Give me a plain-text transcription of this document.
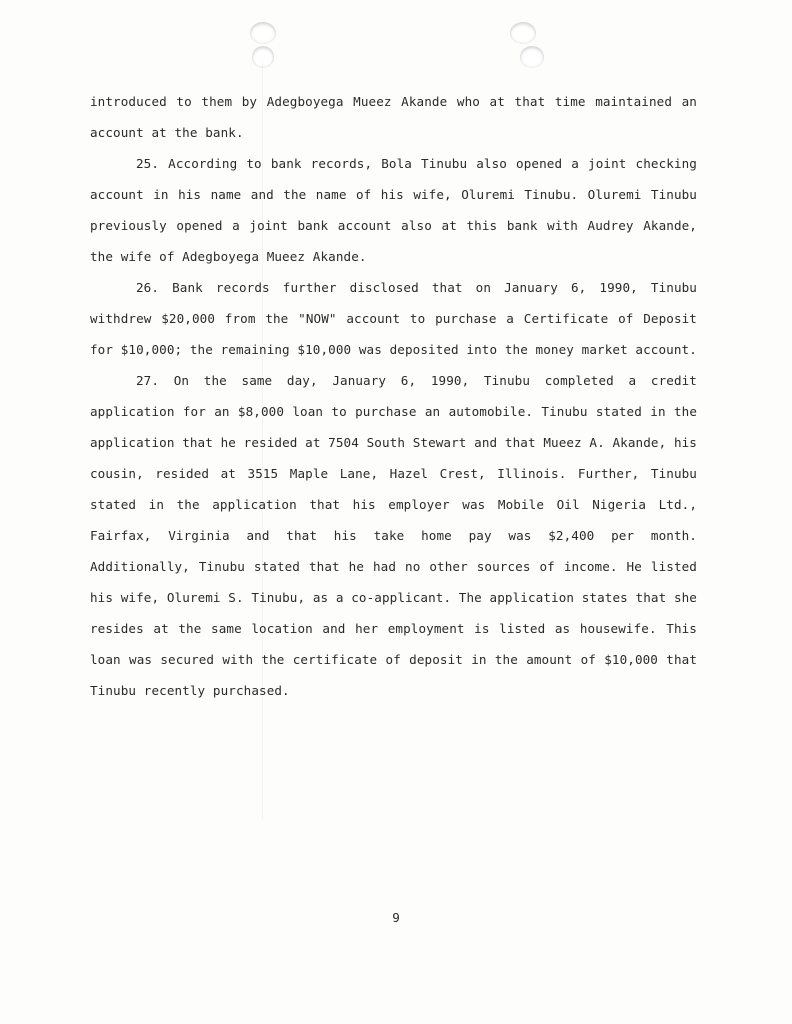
introduced to them by Adegboyega Mueez Akande who at that time maintained an account at the bank.

25. According to bank records, Bola Tinubu also opened a joint checking account in his name and the name of his wife, Oluremi Tinubu. Oluremi Tinubu previously opened a joint bank account also at this bank with Audrey Akande, the wife of Adegboyega Mueez Akande.

26. Bank records further disclosed that on January 6, 1990, Tinubu withdrew $20,000 from the "NOW" account to purchase a Certificate of Deposit for $10,000; the remaining $10,000 was deposited into the money market account.

27. On the same day, January 6, 1990, Tinubu completed a credit application for an $8,000 loan to purchase an automobile. Tinubu stated in the application that he resided at 7504 South Stewart and that Mueez A. Akande, his cousin, resided at 3515 Maple Lane, Hazel Crest, Illinois. Further, Tinubu stated in the application that his employer was Mobile Oil Nigeria Ltd., Fairfax, Virginia and that his take home pay was $2,400 per month. Additionally, Tinubu stated that he had no other sources of income. He listed his wife, Oluremi S. Tinubu, as a co-applicant. The application states that she resides at the same location and her employment is listed as housewife. This loan was secured with the certificate of deposit in the amount of $10,000 that Tinubu recently purchased.

9
